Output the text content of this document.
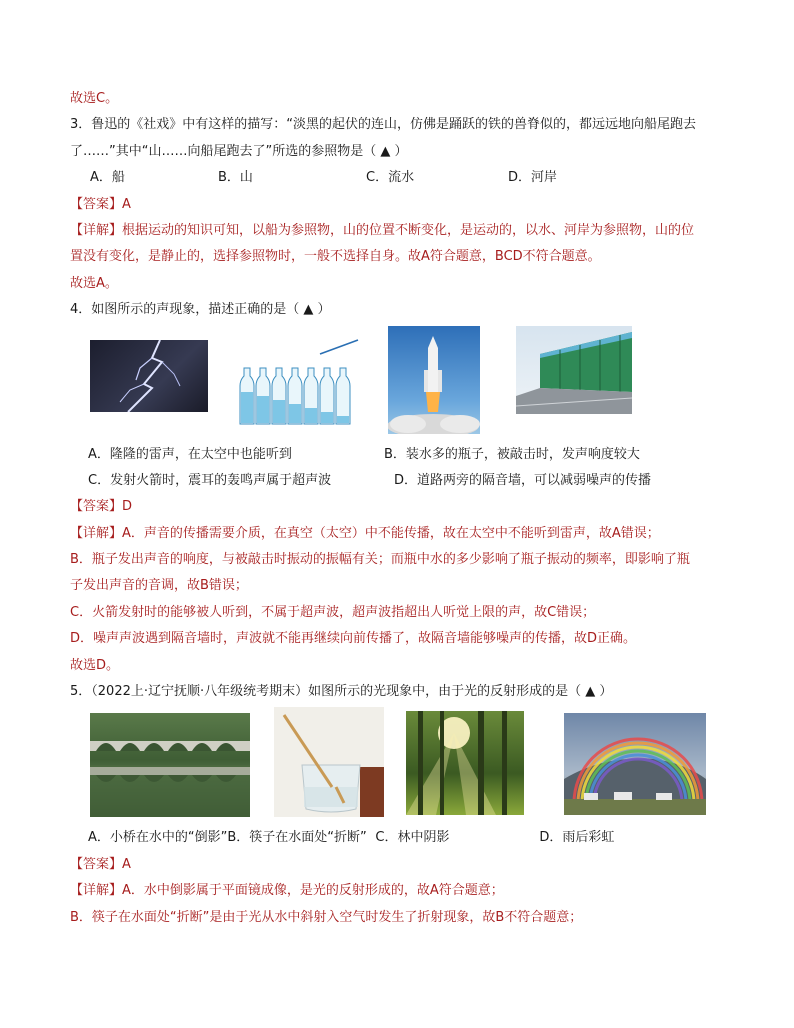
故选C。
3．鲁迅的《社戏》中有这样的描写：“淡黑的起伏的连山，仿佛是踊跃的铁的兽脊似的，都远远地向船尾跑去
了……”其中“山……向船尾跑去了”所选的参照物是（ ▲ ）
A．船	B．山	C．流水	D．河岸
【答案】A
【详解】根据运动的知识可知，以船为参照物，山的位置不断变化，是运动的，以水、河岸为参照物，山的位
置没有变化，是静止的，选择参照物时，一般不选择自身。故A符合题意，BCD不符合题意。
故选A。
4．如图所示的声现象，描述正确的是（ ▲ ）
A．隆隆的雷声，在太空中也能听到	B．装水多的瓶子，被敲击时，发声响度较大
C．发射火箭时，震耳的轰鸣声属于超声波	D．道路两旁的隔音墙，可以减弱噪声的传播
【答案】D
【详解】A．声音的传播需要介质，在真空（太空）中不能传播，故在太空中不能听到雷声，故A错误；
B．瓶子发出声音的响度，与被敲击时振动的振幅有关；而瓶中水的多少影响了瓶子振动的频率，即影响了瓶
子发出声音的音调，故B错误；
C．火箭发射时的能够被人听到，不属于超声波，超声波指超出人听觉上限的声，故C错误；
D．噪声声波遇到隔音墙时，声波就不能再继续向前传播了，故隔音墙能够噪声的传播，故D正确。
故选D。
5．（2022上·辽宁抚顺·八年级统考期末）如图所示的光现象中，由于光的反射形成的是（ ▲ ）
A．小桥在水中的“倒影” B．筷子在水面处“折断” C．林中阴影	D．雨后彩虹
【答案】A
【详解】A．水中倒影属于平面镜成像，是光的反射形成的，故A符合题意；
B．筷子在水面处“折断”是由于光从水中斜射入空气时发生了折射现象，故B不符合题意；
